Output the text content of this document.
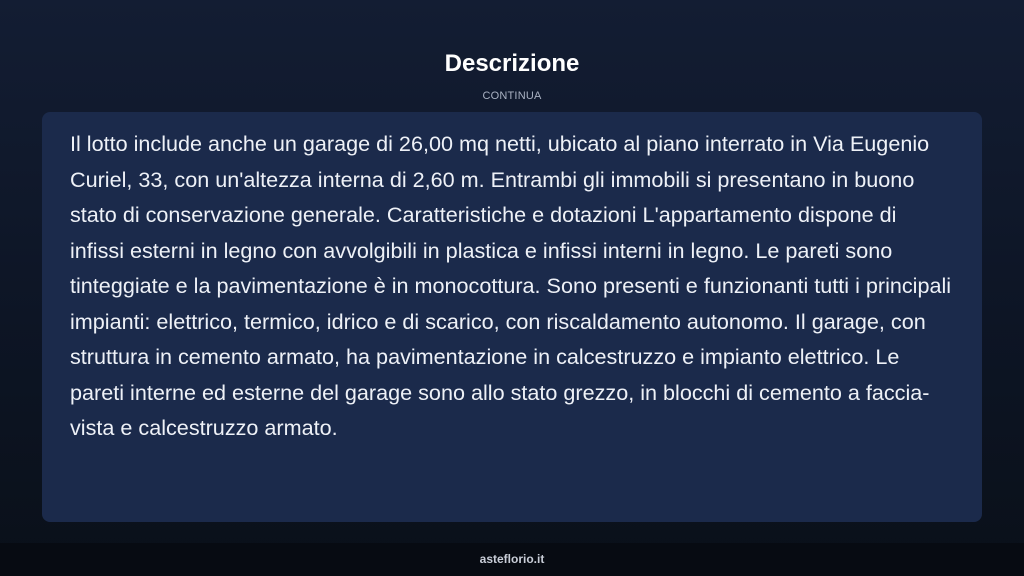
Descrizione
CONTINUA

Il lotto include anche un garage di 26,00 mq netti, ubicato al piano interrato in Via Eugenio Curiel, 33, con un'altezza interna di 2,60 m. Entrambi gli immobili si presentano in buono stato di conservazione generale. Caratteristiche e dotazioni L'appartamento dispone di infissi esterni in legno con avvolgibili in plastica e infissi interni in legno. Le pareti sono tinteggiate e la pavimentazione è in monocottura. Sono presenti e funzionanti tutti i principali impianti: elettrico, termico, idrico e di scarico, con riscaldamento autonomo. Il garage, con struttura in cemento armato, ha pavimentazione in calcestruzzo e impianto elettrico. Le pareti interne ed esterne del garage sono allo stato grezzo, in blocchi di cemento a faccia-vista e calcestruzzo armato.

asteflorio.it
